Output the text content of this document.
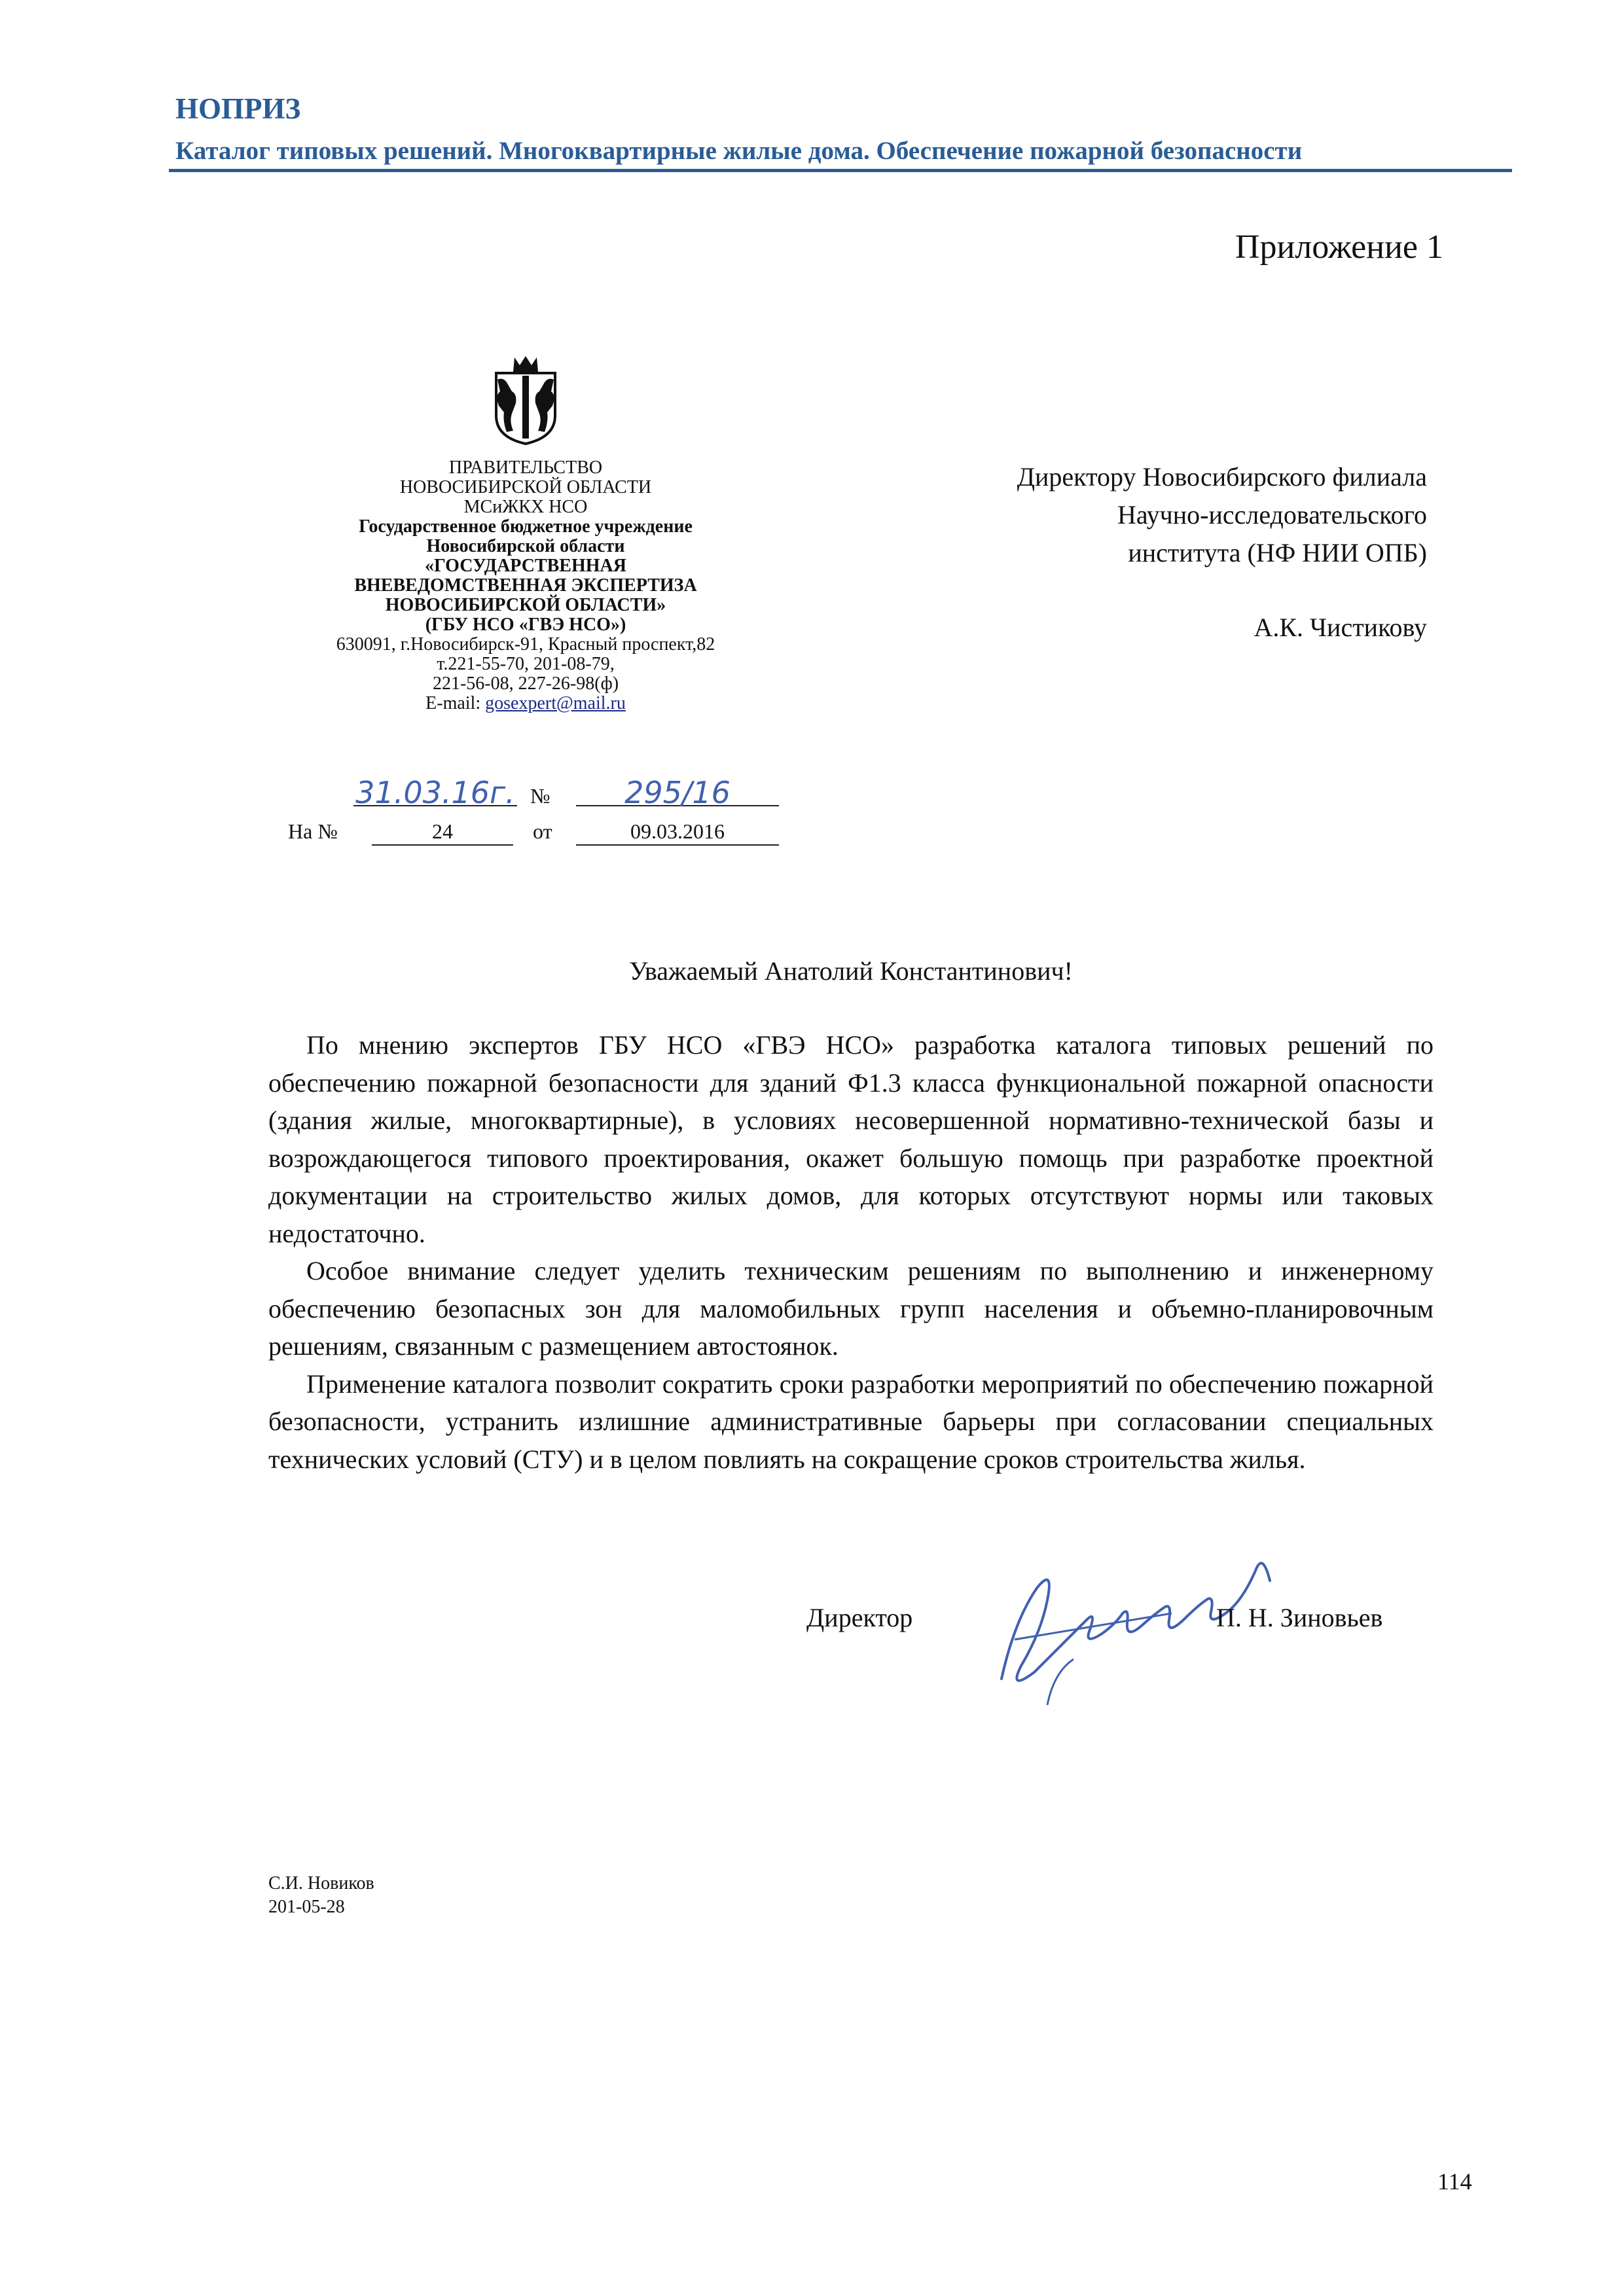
НОПРИЗ
Каталог типовых решений. Многоквартирные жилые дома. Обеспечение пожарной безопасности
Приложение 1
ПРАВИТЕЛЬСТВО
НОВОСИБИРСКОЙ ОБЛАСТИ
МСиЖКХ НСО
Государственное бюджетное учреждение
Новосибирской области
«ГОСУДАРСТВЕННАЯ
ВНЕВЕДОМСТВЕННАЯ ЭКСПЕРТИЗА
НОВОСИБИРСКОЙ ОБЛАСТИ»
(ГБУ НСО «ГВЭ НСО»)
630091, г.Новосибирск-91, Красный проспект,82
т.221-55-70, 201-08-79,
221-56-08, 227-26-98(ф)
E-mail: gosexpert@mail.ru
31.03.16г. №	295/16
На №	24	от	09.03.2016
Директору Новосибирского филиала
Научно-исследовательского
института (НФ НИИ ОПБ)
А.К. Чистикову
Уважаемый Анатолий Константинович!

По мнению экспертов ГБУ НСО «ГВЭ НСО» разработка каталога типовых решений по обеспечению пожарной безопасности для зданий Ф1.3 класса функциональной пожарной опасности (здания жилые, многоквартирные), в условиях несовершенной нормативно-технической базы и возрождающегося типового проектирования, окажет большую помощь при разработке проектной документации на строительство жилых домов, для которых отсутствуют нормы или таковых недостаточно.

Особое внимание следует уделить техническим решениям по выполнению и инженерному обеспечению безопасных зон для маломобильных групп населения и объемно-планировочным решениям, связанным с размещением автостоянок.

Применение каталога позволит сократить сроки разработки мероприятий по обеспечению пожарной безопасности, устранить излишние административные барьеры при согласовании специальных технических условий (СТУ) и в целом повлиять на сокращение сроков строительства жилья.

Директор	П. Н. Зиновьев
С.И. Новиков
201-05-28
114
